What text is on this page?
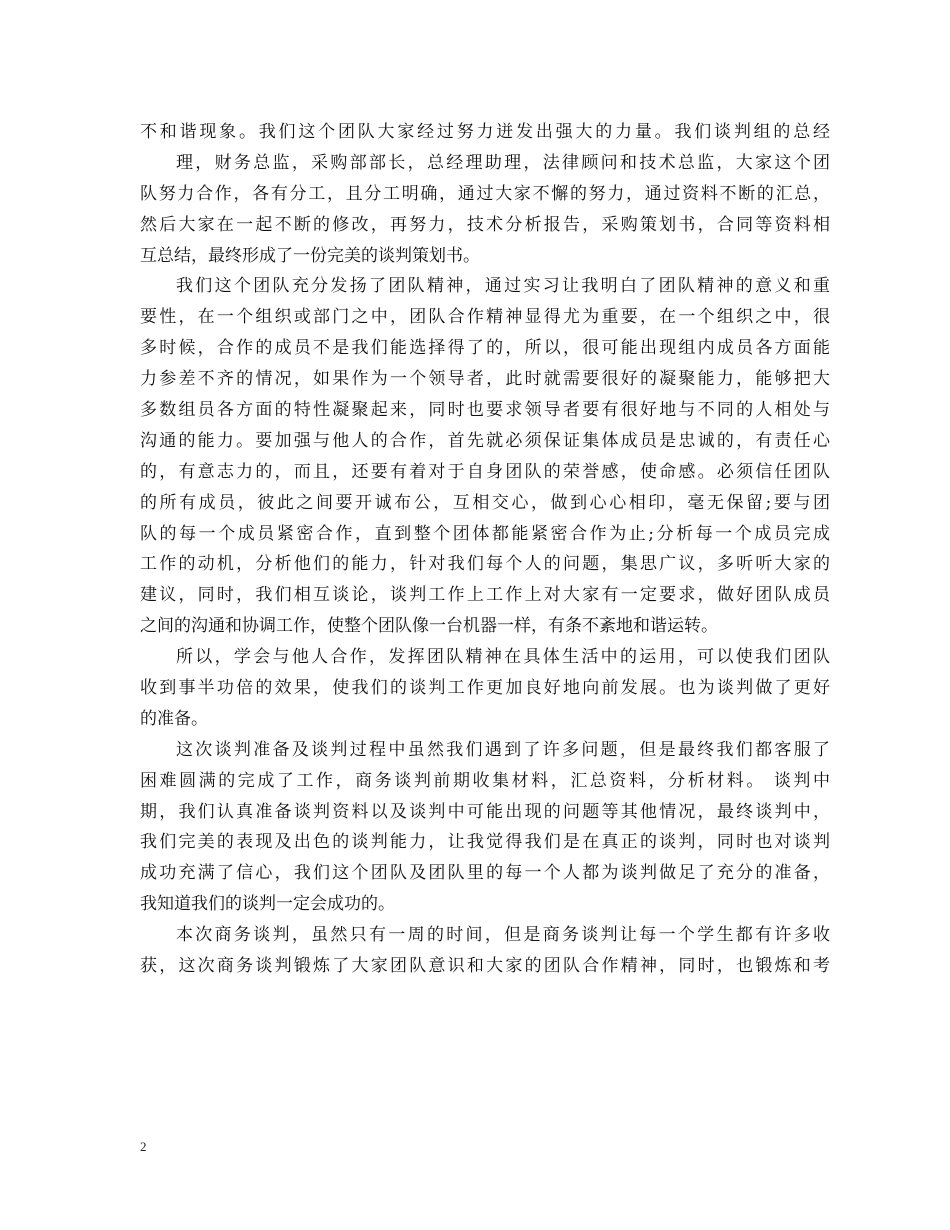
不和谐现象。我们这个团队大家经过努力迸发出强大的力量。我们谈判组的总经
理，财务总监，采购部部长，总经理助理，法律顾问和技术总监，大家这个团
队努力合作，各有分工，且分工明确，通过大家不懈的努力，通过资料不断的汇总，
然后大家在一起不断的修改，再努力，技术分析报告，采购策划书，合同等资料相
互总结，最终形成了一份完美的谈判策划书。
我们这个团队充分发扬了团队精神，通过实习让我明白了团队精神的意义和重
要性，在一个组织或部门之中，团队合作精神显得尤为重要，在一个组织之中，很
多时候，合作的成员不是我们能选择得了的，所以，很可能出现组内成员各方面能
力参差不齐的情况，如果作为一个领导者，此时就需要很好的凝聚能力，能够把大
多数组员各方面的特性凝聚起来，同时也要求领导者要有很好地与不同的人相处与
沟通的能力。要加强与他人的合作，首先就必须保证集体成员是忠诚的，有责任心
的，有意志力的，而且，还要有着对于自身团队的荣誉感，使命感。必须信任团队
的所有成员，彼此之间要开诚布公，互相交心，做到心心相印，毫无保留;要与团
队的每一个成员紧密合作，直到整个团体都能紧密合作为止;分析每一个成员完成
工作的动机，分析他们的能力，针对我们每个人的问题，集思广议，多听听大家的
建议，同时，我们相互谈论，谈判工作上工作上对大家有一定要求，做好团队成员
之间的沟通和协调工作，使整个团队像一台机器一样，有条不紊地和谐运转。
所以，学会与他人合作，发挥团队精神在具体生活中的运用，可以使我们团队
收到事半功倍的效果，使我们的谈判工作更加良好地向前发展。也为谈判做了更好
的准备。
这次谈判准备及谈判过程中虽然我们遇到了许多问题，但是最终我们都客服了
困难圆满的完成了工作，商务谈判前期收集材料，汇总资料，分析材料。 谈判中
期，我们认真准备谈判资料以及谈判中可能出现的问题等其他情况，最终谈判中，
我们完美的表现及出色的谈判能力，让我觉得我们是在真正的谈判，同时也对谈判
成功充满了信心，我们这个团队及团队里的每一个人都为谈判做足了充分的准备，
我知道我们的谈判一定会成功的。
本次商务谈判，虽然只有一周的时间，但是商务谈判让每一个学生都有许多收
获，这次商务谈判锻炼了大家团队意识和大家的团队合作精神，同时，也锻炼和考
2
